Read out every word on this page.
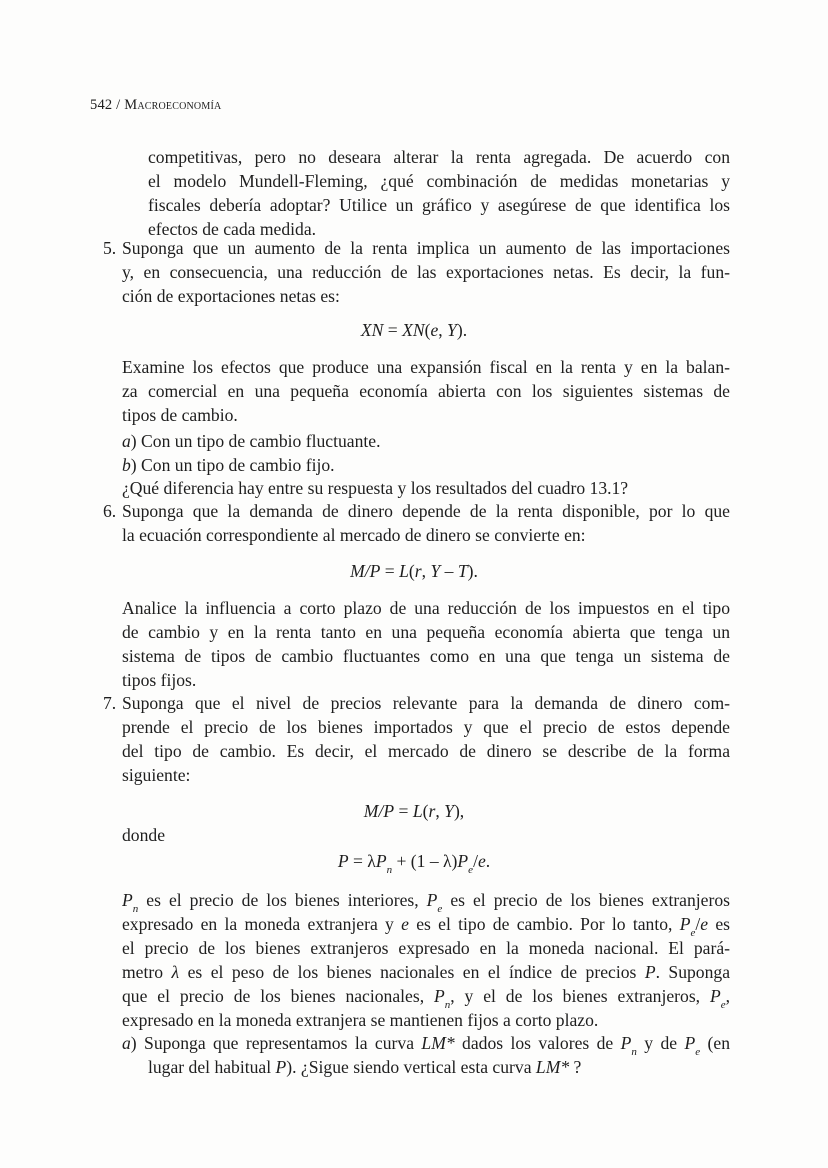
542 / Macroeconomía
competitivas, pero no deseara alterar la renta agregada. De acuerdo con
el modelo Mundell-Fleming, ¿qué combinación de medidas monetarias y
fiscales debería adoptar? Utilice un gráfico y asegúrese de que identifica los
efectos de cada medida.
5. Suponga que un aumento de la renta implica un aumento de las importaciones
y, en consecuencia, una reducción de las exportaciones netas. Es decir, la fun-
ción de exportaciones netas es:
XN = XN(e, Y).
Examine los efectos que produce una expansión fiscal en la renta y en la balan-
za comercial en una pequeña economía abierta con los siguientes sistemas de
tipos de cambio.
a) Con un tipo de cambio fluctuante.
b) Con un tipo de cambio fijo.
¿Qué diferencia hay entre su respuesta y los resultados del cuadro 13.1?
6. Suponga que la demanda de dinero depende de la renta disponible, por lo que
la ecuación correspondiente al mercado de dinero se convierte en:
M/P = L(r, Y – T).
Analice la influencia a corto plazo de una reducción de los impuestos en el tipo
de cambio y en la renta tanto en una pequeña economía abierta que tenga un
sistema de tipos de cambio fluctuantes como en una que tenga un sistema de
tipos fijos.
7. Suponga que el nivel de precios relevante para la demanda de dinero com-
prende el precio de los bienes importados y que el precio de estos depende
del tipo de cambio. Es decir, el mercado de dinero se describe de la forma
siguiente:
M/P = L(r, Y),
donde
$P = \lambda P_n + (1 - \lambda)P_e/e$.
$P_n$ es el precio de los bienes interiores, $P_e$ es el precio de los bienes extranjeros
expresado en la moneda extranjera y e es el tipo de cambio. Por lo tanto, $P_e/e$ es
el precio de los bienes extranjeros expresado en la moneda nacional. El pará-
metro λ es el peso de los bienes nacionales en el índice de precios P. Suponga
que el precio de los bienes nacionales, $P_n$, y el de los bienes extranjeros, $P_e$,
expresado en la moneda extranjera se mantienen fijos a corto plazo.
a) Suponga que representamos la curva LM* dados los valores de $P_n$ y de $P_e$ (en
lugar del habitual P). ¿Sigue siendo vertical esta curva LM* ?
